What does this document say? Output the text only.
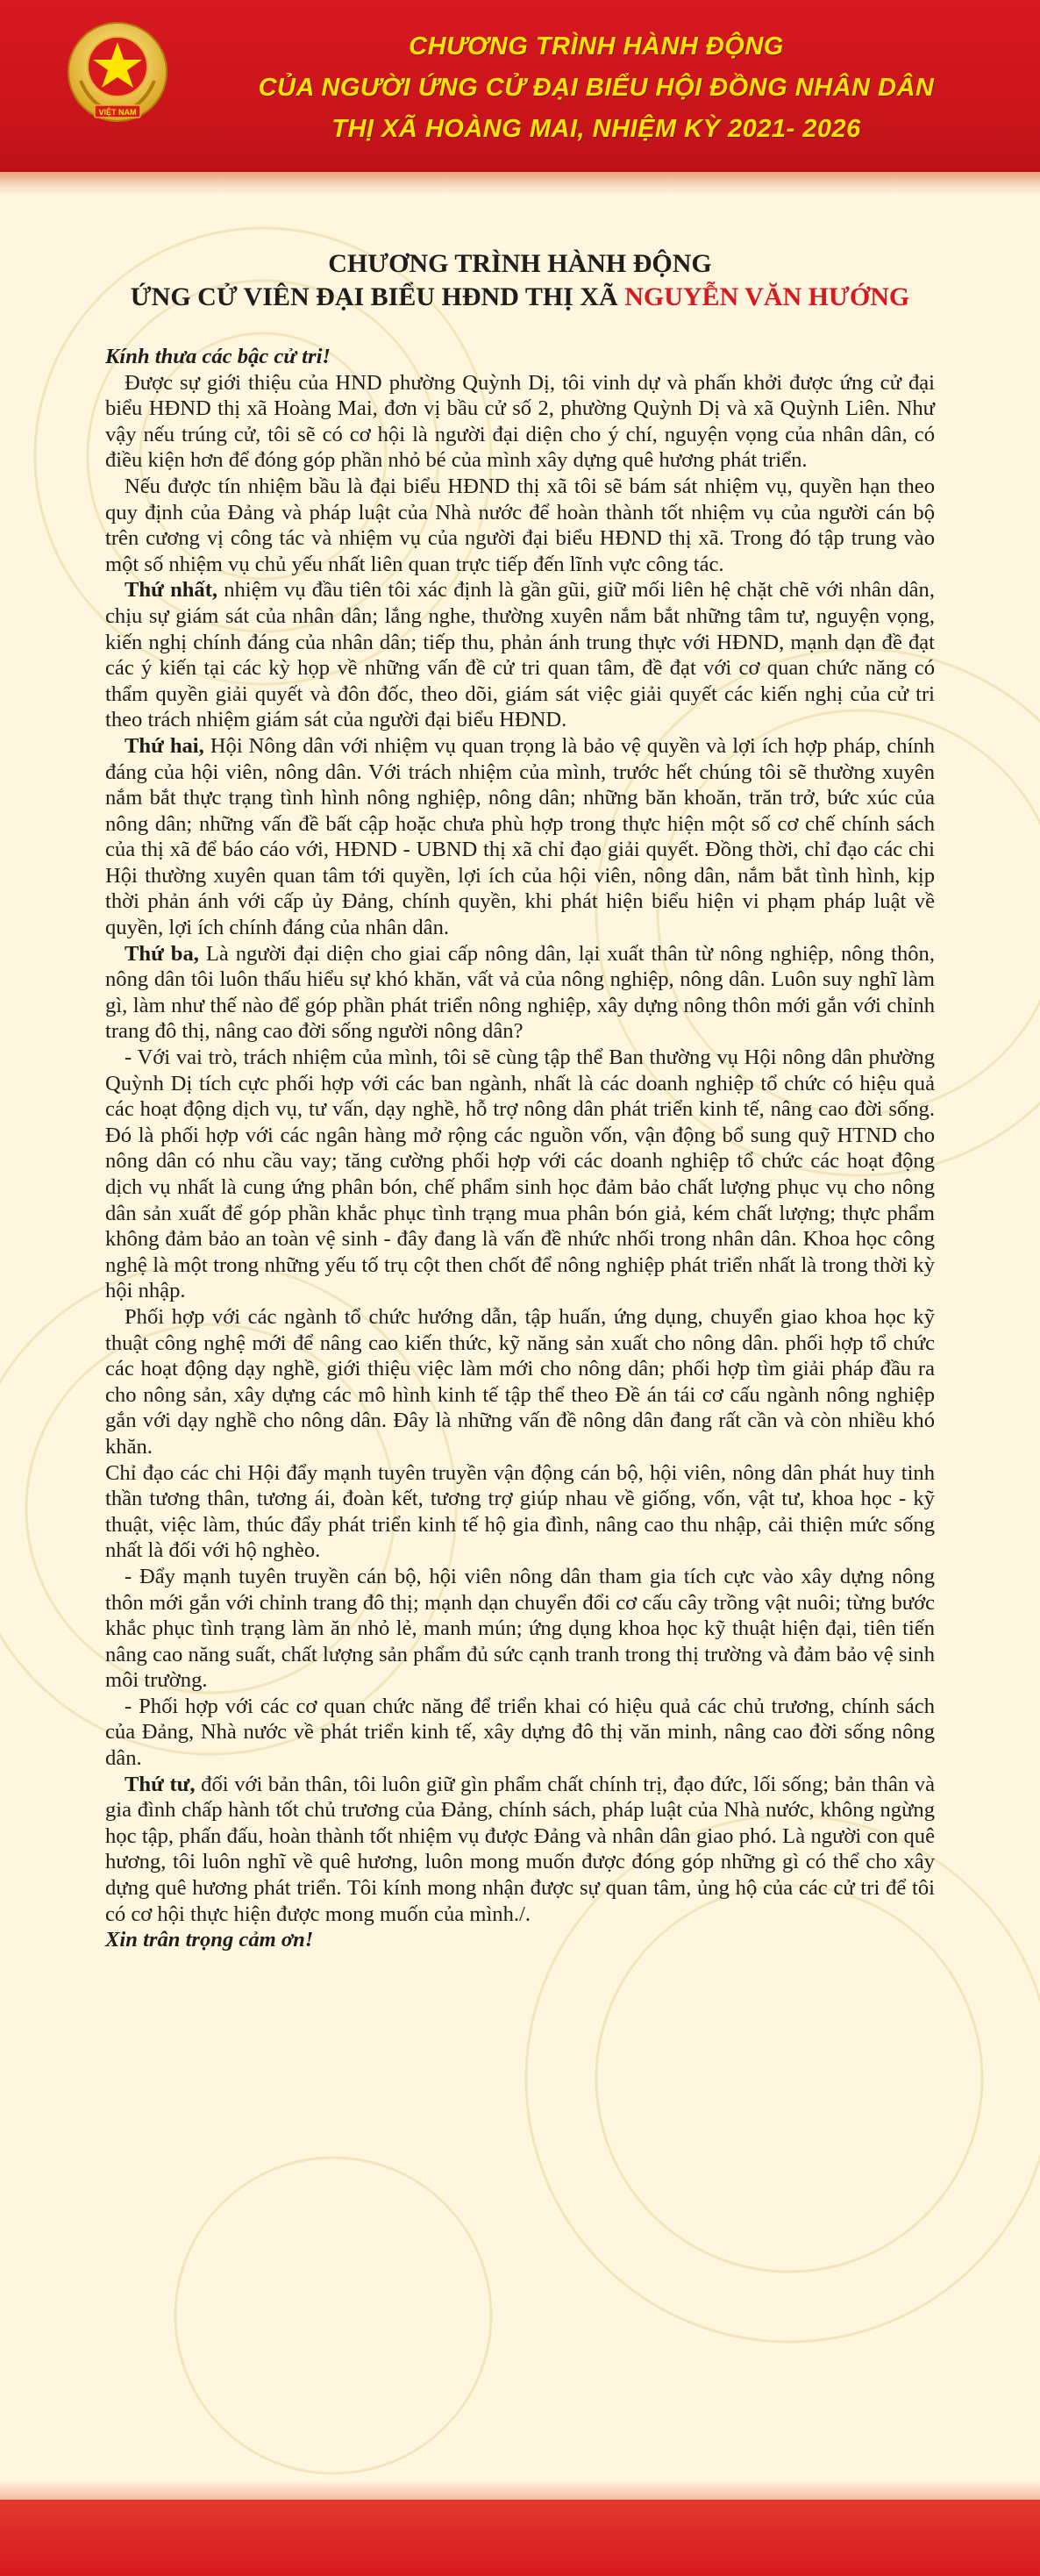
VIỆT NAM
CHƯƠNG TRÌNH HÀNH ĐỘNG
CỦA NGƯỜI ỨNG CỬ ĐẠI BIỂU HỘI ĐỒNG NHÂN DÂN
THỊ XÃ HOÀNG MAI, NHIỆM KỲ 2021- 2026
CHƯƠNG TRÌNH HÀNH ĐỘNG
ỨNG CỬ VIÊN ĐẠI BIỂU HĐND THỊ XÃ NGUYỄN VĂN HƯỚNG

Kính thưa các bậc cử tri!

Được sự giới thiệu của HND phường Quỳnh Dị, tôi vinh dự và phấn khởi được ứng cử đại biểu HĐND thị xã Hoàng Mai, đơn vị bầu cử số 2, phường Quỳnh Dị và xã Quỳnh Liên. Như vậy nếu trúng cử, tôi sẽ có cơ hội là người đại diện cho ý chí, nguyện vọng của nhân dân, có điều kiện hơn để đóng góp phần nhỏ bé của mình xây dựng quê hương phát triển.

Nếu được tín nhiệm bầu là đại biểu HĐND thị xã tôi sẽ bám sát nhiệm vụ, quyền hạn theo quy định của Đảng và pháp luật của Nhà nước để hoàn thành tốt nhiệm vụ của người cán bộ trên cương vị công tác và nhiệm vụ của người đại biểu HĐND thị xã. Trong đó tập trung vào một số nhiệm vụ chủ yếu nhất liên quan trực tiếp đến lĩnh vực công tác.

Thứ nhất, nhiệm vụ đầu tiên tôi xác định là gần gũi, giữ mối liên hệ chặt chẽ với nhân dân, chịu sự giám sát của nhân dân; lắng nghe, thường xuyên nắm bắt những tâm tư, nguyện vọng, kiến nghị chính đáng của nhân dân; tiếp thu, phản ánh trung thực với HĐND, mạnh dạn đề đạt các ý kiến tại các kỳ họp về những vấn đề cử tri quan tâm, đề đạt với cơ quan chức năng có thẩm quyền giải quyết và đôn đốc, theo dõi, giám sát việc giải quyết các kiến nghị của cử tri theo trách nhiệm giám sát của người đại biểu HĐND.

Thứ hai, Hội Nông dân với nhiệm vụ quan trọng là bảo vệ quyền và lợi ích hợp pháp, chính đáng của hội viên, nông dân. Với trách nhiệm của mình, trước hết chúng tôi sẽ thường xuyên nắm bắt thực trạng tình hình nông nghiệp, nông dân; những băn khoăn, trăn trở, bức xúc của nông dân; những vấn đề bất cập hoặc chưa phù hợp trong thực hiện một số cơ chế chính sách của thị xã để báo cáo với, HĐND - UBND thị xã chỉ đạo giải quyết. Đồng thời, chỉ đạo các chi Hội thường xuyên quan tâm tới quyền, lợi ích của hội viên, nông dân, nắm bắt tình hình, kịp thời phản ánh với cấp ủy Đảng, chính quyền, khi phát hiện biểu hiện vi phạm pháp luật về quyền, lợi ích chính đáng của nhân dân.

Thứ ba, Là người đại diện cho giai cấp nông dân, lại xuất thân từ nông nghiệp, nông thôn, nông dân tôi luôn thấu hiểu sự khó khăn, vất vả của nông nghiệp, nông dân. Luôn suy nghĩ làm gì, làm như thế nào để góp phần phát triển nông nghiệp, xây dựng nông thôn mới gắn với chỉnh trang đô thị, nâng cao đời sống người nông dân?

- Với vai trò, trách nhiệm của mình, tôi sẽ cùng tập thể Ban thường vụ Hội nông dân phường Quỳnh Dị tích cực phối hợp với các ban ngành, nhất là các doanh nghiệp tổ chức có hiệu quả các hoạt động dịch vụ, tư vấn, dạy nghề, hỗ trợ nông dân phát triển kinh tế, nâng cao đời sống. Đó là phối hợp với các ngân hàng mở rộng các nguồn vốn, vận động bổ sung quỹ HTND cho nông dân có nhu cầu vay; tăng cường phối hợp với các doanh nghiệp tổ chức các hoạt động dịch vụ nhất là cung ứng phân bón, chế phẩm sinh học đảm bảo chất lượng phục vụ cho nông dân sản xuất để góp phần khắc phục tình trạng mua phân bón giả, kém chất lượng; thực phẩm không đảm bảo an toàn vệ sinh - đây đang là vấn đề nhức nhối trong nhân dân. Khoa học công nghệ là một trong những yếu tố trụ cột then chốt để nông nghiệp phát triển nhất là trong thời kỳ hội nhập.

Phối hợp với các ngành tổ chức hướng dẫn, tập huấn, ứng dụng, chuyển giao khoa học kỹ thuật công nghệ mới để nâng cao kiến thức, kỹ năng sản xuất cho nông dân. phối hợp tổ chức các hoạt động dạy nghề, giới thiệu việc làm mới cho nông dân; phối hợp tìm giải pháp đầu ra cho nông sản, xây dựng các mô hình kinh tế tập thể theo Đề án tái cơ cấu ngành nông nghiệp gắn với dạy nghề cho nông dân. Đây là những vấn đề nông dân đang rất cần và còn nhiều khó khăn.

Chỉ đạo các chi Hội đẩy mạnh tuyên truyền vận động cán bộ, hội viên, nông dân phát huy tinh thần tương thân, tương ái, đoàn kết, tương trợ giúp nhau về giống, vốn, vật tư, khoa học - kỹ thuật, việc làm, thúc đẩy phát triển kinh tế hộ gia đình, nâng cao thu nhập, cải thiện mức sống nhất là đối với hộ nghèo.

- Đẩy mạnh tuyên truyền cán bộ, hội viên nông dân tham gia tích cực vào xây dựng nông thôn mới gắn với chỉnh trang đô thị; mạnh dạn chuyển đổi cơ cấu cây trồng vật nuôi; từng bước khắc phục tình trạng làm ăn nhỏ lẻ, manh mún; ứng dụng khoa học kỹ thuật hiện đại, tiên tiến nâng cao năng suất, chất lượng sản phẩm đủ sức cạnh tranh trong thị trường và đảm bảo vệ sinh môi trường.

- Phối hợp với các cơ quan chức năng để triển khai có hiệu quả các chủ trương, chính sách của Đảng, Nhà nước về phát triển kinh tế, xây dựng đô thị văn minh, nâng cao đời sống nông dân.

Thứ tư, đối với bản thân, tôi luôn giữ gìn phẩm chất chính trị, đạo đức, lối sống; bản thân và gia đình chấp hành tốt chủ trương của Đảng, chính sách, pháp luật của Nhà nước, không ngừng học tập, phấn đấu, hoàn thành tốt nhiệm vụ được Đảng và nhân dân giao phó. Là người con quê hương, tôi luôn nghĩ về quê hương, luôn mong muốn được đóng góp những gì có thể cho xây dựng quê hương phát triển. Tôi kính mong nhận được sự quan tâm, ủng hộ của các cử tri để tôi có cơ hội thực hiện được mong muốn của mình./.

Xin trân trọng cảm ơn!
